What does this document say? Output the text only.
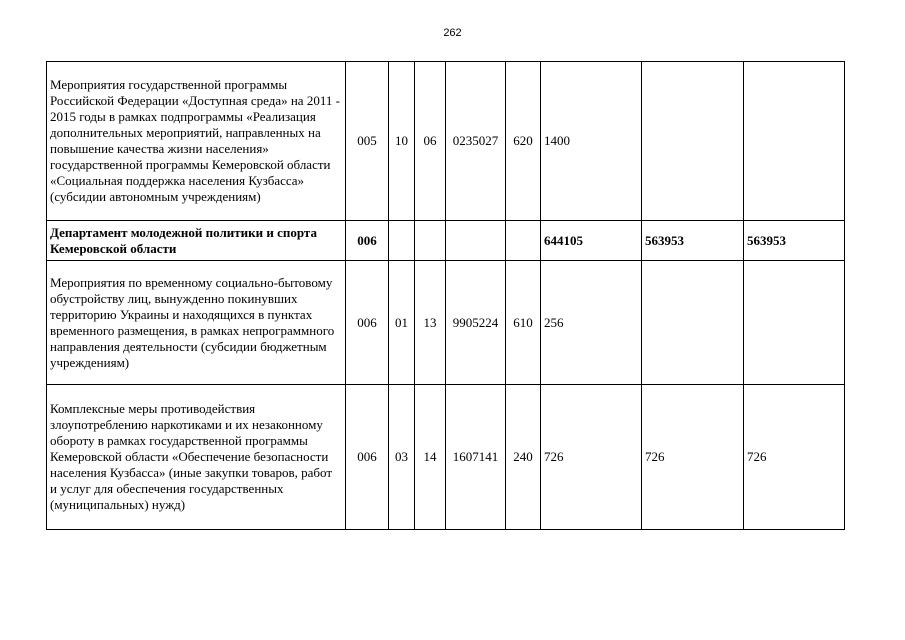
262
Мероприятия государственной программы Российской Федерации «Доступная среда» на 2011 - 2015 годы в рамках подпрограммы «Реализация дополнительных мероприятий, направленных на повышение качества жизни населения» государственной программы Кемеровской области «Социальная поддержка населения Кузбасса» (субсидии автономным учреждениям)	005	10	06	0235027	620	1400		
Департамент молодежной политики и спорта Кемеровской области	006					644105	563953	563953
Мероприятия по временному социально-бытовому обустройству лиц, вынужденно покинувших территорию Украины и находящихся в пунктах временного размещения, в рамках непрограммного направления деятельности (субсидии бюджетным учреждениям)	006	01	13	9905224	610	256		
Комплексные меры противодействия злоупотреблению наркотиками и их незаконному обороту в рамках государственной программы Кемеровской области «Обеспечение безопасности населения Кузбасса» (иные закупки товаров, работ и услуг для обеспечения государственных (муниципальных) нужд)	006	03	14	1607141	240	726	726	726
